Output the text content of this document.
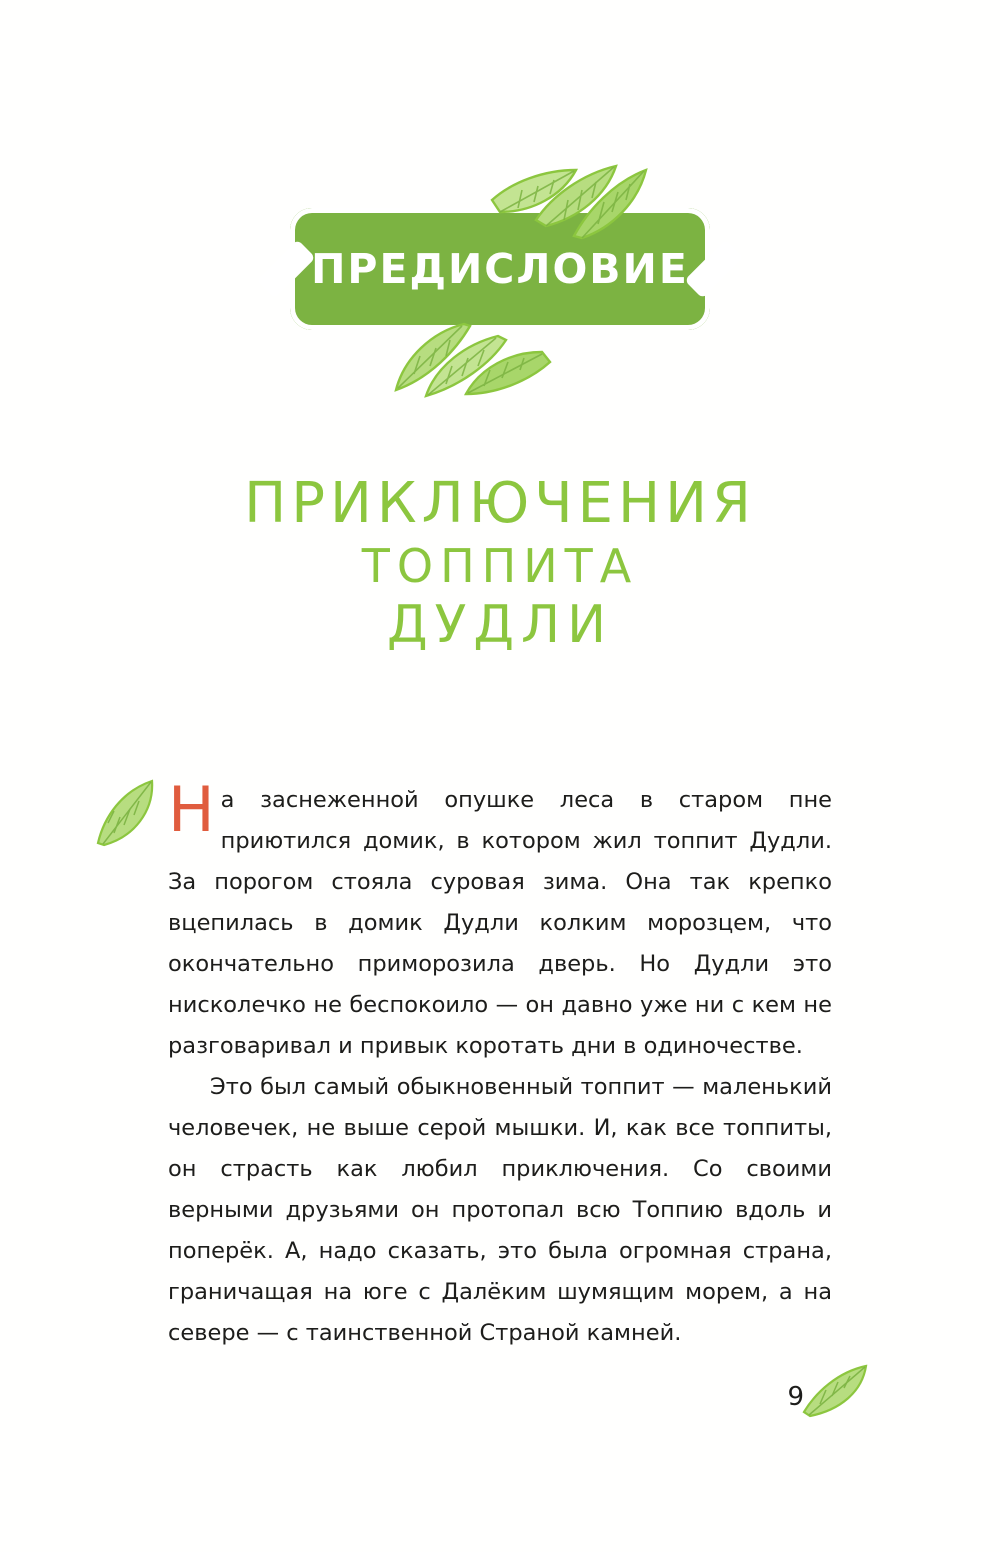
ПРЕДИСЛОВИЕ
ПРИКЛЮЧЕНИЯ
ТОППИТА
ДУДЛИ

На заснеженной опушке леса в старом пне приютился домик, в котором жил топпит Дудли. За порогом стояла суровая зима. Она так крепко вцепилась в домик Дудли колким морозцем, что окончательно приморозила дверь. Но Дудли это нисколечко не беспокоило — он давно уже ни с кем не разговаривал и привык коротать дни в одиночестве.

Это был самый обыкновенный топпит — маленький человечек, не выше серой мышки. И, как все топпиты, он страсть как любил приключения. Со своими верными друзьями он протопал всю Топпию вдоль и поперёк. А, надо сказать, это была огромная страна, граничащая на юге с Далёким шумящим морем, а на севере — с таинственной Страной камней.

9
